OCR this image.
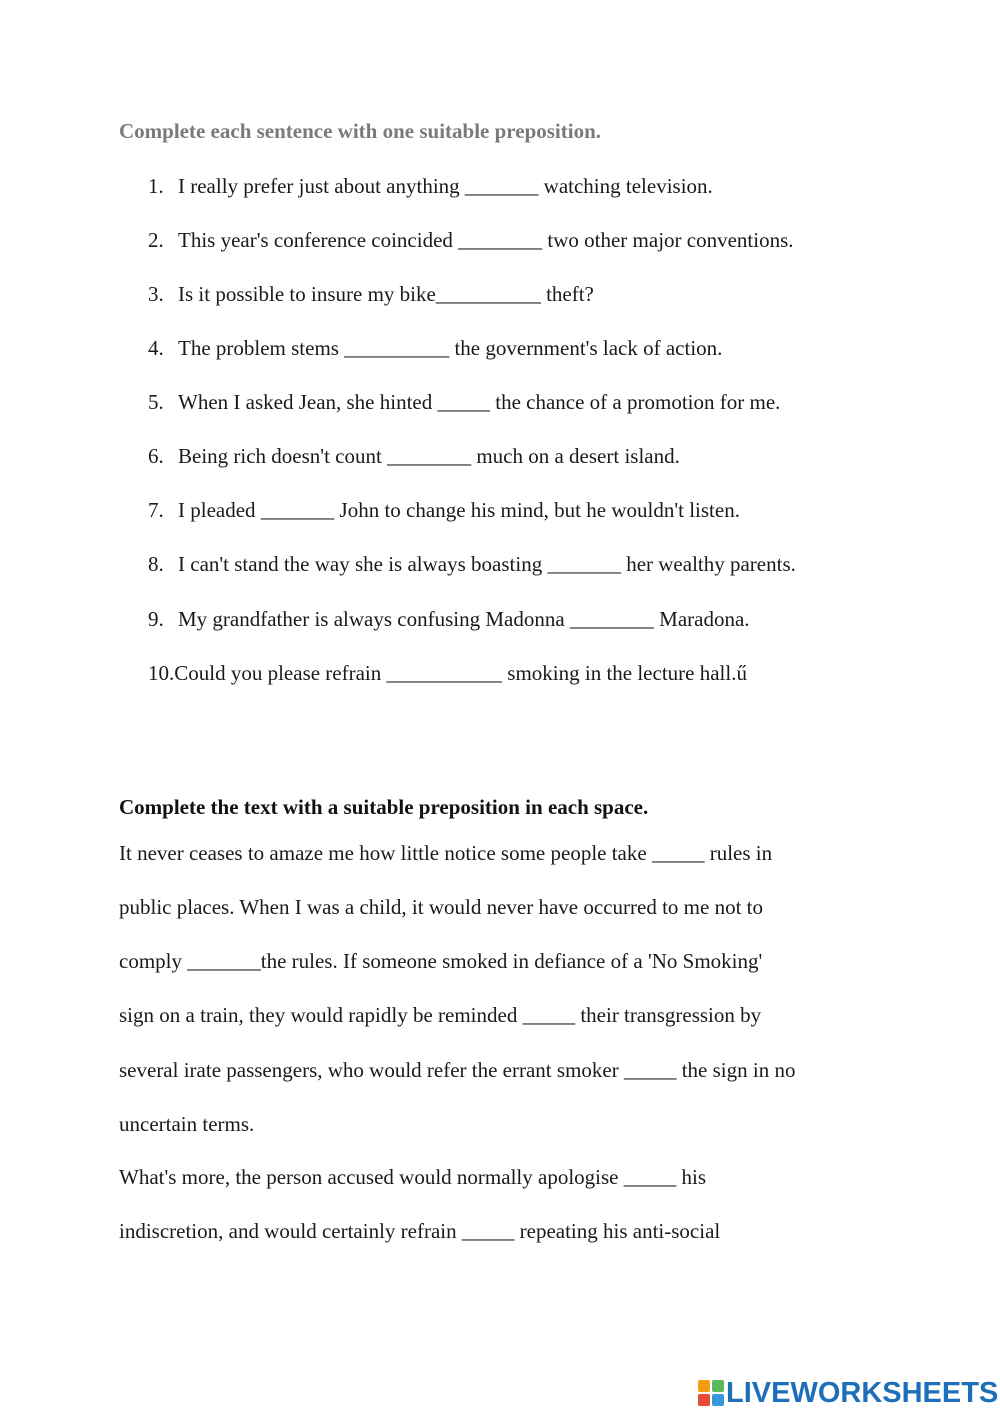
Complete each sentence with one suitable preposition.
1. I really prefer just about anything _______ watching television.
2. This year's conference coincided ________ two other major conventions.
3. Is it possible to insure my bike__________ theft?
4. The problem stems __________ the government's lack of action.
5. When I asked Jean, she hinted _____ the chance of a promotion for me.
6. Being rich doesn't count ________ much on a desert island.
7. I pleaded _______ John to change his mind, but he wouldn't listen.
8. I can't stand the way she is always boasting _______ her wealthy parents.
9. My grandfather is always confusing Madonna ________ Maradona.
10.Could you please refrain ___________ smoking in the lecture hall.ű
Complete the text with a suitable preposition in each space.
It never ceases to amaze me how little notice some people take _____ rules in
public places. When I was a child, it would never have occurred to me not to
comply _______the rules. If someone smoked in defiance of a 'No Smoking'
sign on a train, they would rapidly be reminded _____ their transgression by
several irate passengers, who would refer the errant smoker _____ the sign in no
uncertain terms.
What's more, the person accused would normally apologise _____ his
indiscretion, and would certainly refrain _____ repeating his anti-social
LIVEWORKSHEETS
